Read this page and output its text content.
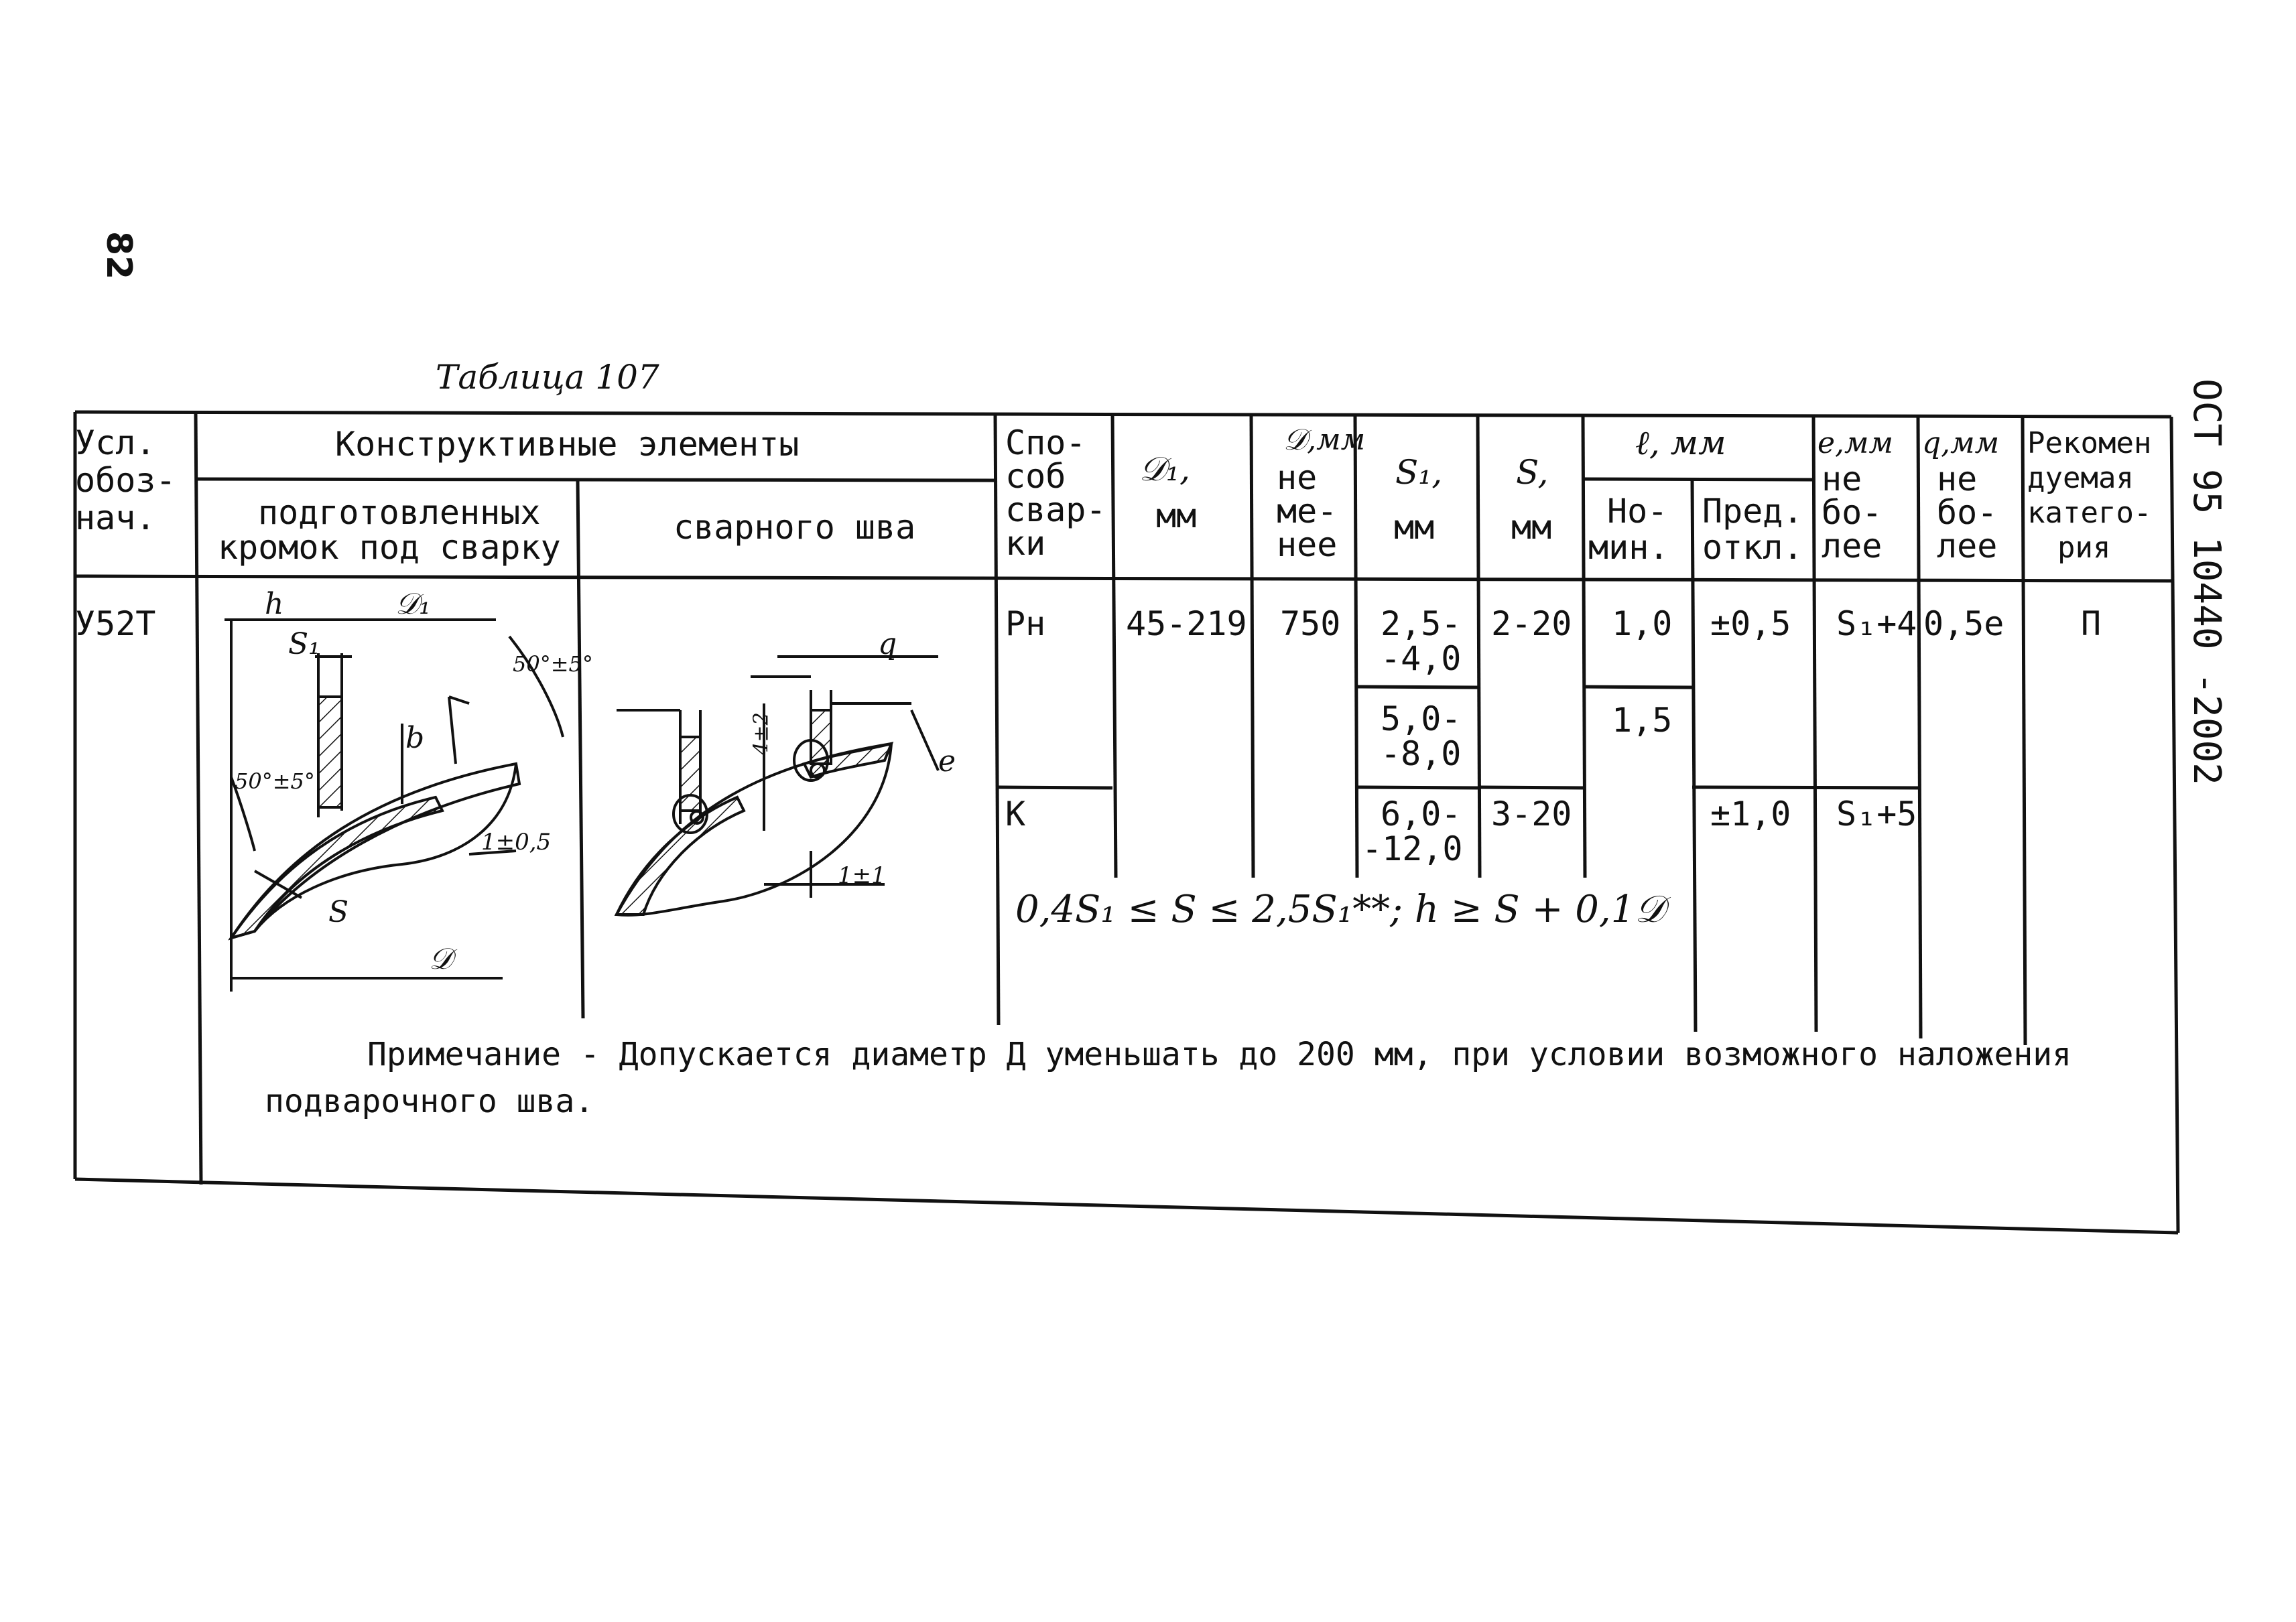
82
ОСТ 95 10440 -2002
Таблица 107
Усл.
обоз-
нач.
Конструктивные элементы
подготовленных
кромок под сварку
сварного шва
Спо-
соб
свар-
ки
𝒟₁,
мм
𝒟,мм
не
ме-
нее
S₁,
мм
S,
мм
ℓ, мм
Но-
мин.
Пред.
откл.
e,мм
не
бо-
лее
q,мм
не
бо-
лее
Рекомен
дуемая
катего-
рия
У52Т	Рн
К
45-219 750 2,5-
-4,0
5,0-
-8,0
6,0-
-12,0
2-20
3-20
1,0
1,5
±0,5
±1,0
S₁+4
S₁+5
0,5e П
0,4S₁ ≤ S ≤ 2,5S₁**; h ≥ S + 0,1𝒟
h	𝒟₁
S₁
b
50°±5°
50°±5°
1±0,5
S
𝒟
q
e
4±2
1±1
Примечание - Допускается диаметр Д уменьшать до 200 мм, при условии возможного наложения
подварочного шва.
